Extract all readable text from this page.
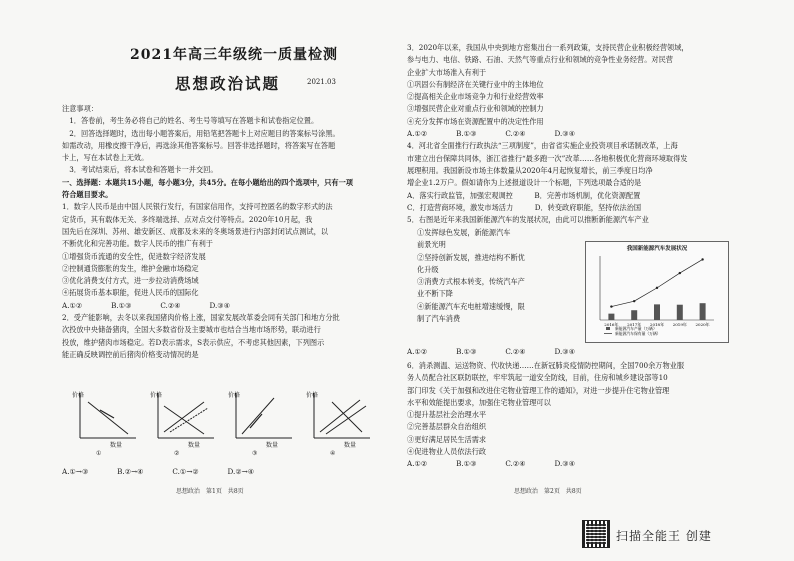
2021年高三年级统一质量检测
思想政治试题	2021.03
注意事项：
　1．答卷前，考生务必将自己的姓名、考生号等填写在答题卡和试卷指定位置。
　2．回答选择题时，选出每小题答案后，用铅笔把答题卡上对应题目的答案标号涂黑。
如需改动，用橡皮擦干净后，再选涂其他答案标号。回答非选择题时，将答案写在答题
卡上，写在本试卷上无效。
　3．考试结束后，将本试卷和答题卡一并交回。
一、选择题：本题共15小题，每小题3分，共45分。在每小题给出的四个选项中，只有一项
符合题目要求。
1．数字人民币是由中国人民银行发行，有国家信用作，支持可控匿名的数字形式的法
定货币，其有载体无关、多终端选择、点对点交付等特点。2020年10月起，我
国先后在深圳、苏州、雄安新区、成都及未来的冬奥场景进行内部封闭试点测试，以
不断优化和完善功能。数字人民币的推广有利于
①增强货币流通的安全性，促进数字经济发展
②控制通货膨胀的发生，维护金融市场稳定
③优化消费支付方式，进一步拉动消费场域
④拓展货币基本职能，促进人民币的国际化
A.①②　　　　B.①③　　　　C.②④　　　　D.③④
2．受产能影响，去冬以来我国猪肉价格上涨，国家发展改革委会同有关部门和地方分批
次投放中央储备猪肉，全国大多数省份及主要城市也结合当地市场形势，联动进行
投放，维护猪肉市场稳定。若D表示需求，S表示供应，不考虑其他因素，下列图示
能正确反映调控前后猪肉价格变动情况的是
价格
数量
①
价格
数量
②
价格
数量
③
价格
数量
④
A.①→③　　　　B.②→④　　　　C.①→②　　　　D.②→④
思想政治　第1页　共8页
3．2020年以来，我国从中央到地方密集出台一系列政策，支持民营企业积极经营领域，
参与电力、电信、铁路、石油、天然气等重点行业和领域的竞争性业务经营。对民营
企业扩大市场准入有利于
①巩固公有制经济在关键行业中的主体地位
②提高相关企业市场竞争力和行业经营效率
③增强民营企业对重点行业和领域的控制力
④充分发挥市场在资源配置中的决定性作用
A.①②　　　　B.①③　　　　C.②④　　　　D.③④
4．河北省全面推行行政执法“三项制度”，由省省实施企业投资项目承诺制改革，上海
市建立出台保障共同体，浙江省推行“最多跑一次”改革……各地积极优化营商环境取得发
展理积用。我国新设市场主体数量从2020年4月起恢复增长，前三季度日均净
增企业1.2万户。假如请你为上述报道设计一个标题，下列选项最合适的是
A．落实行政监管，加强宏观调控　　　B．完善市场机制，优化资源配置
C．打造营商环境，激发市场活力　　　D．转变政府职能，坚持依法治国
5．右图是近年来我国新能源汽车的发展状况，由此可以推断新能源汽车产业
①发挥绿色发展，新能源汽车
前景光明
②坚持创新发展，推进结构不断优
化升级
③消费方式根本转变，传统汽车产
业不断下降
④新能源汽车充电桩增速缓慢，限
制了汽车消费
我国新能源汽车发展状况
2016年 2017年 2018年 2019年 2020年
新能源汽车产量（万辆）
新能源汽车保有量（万辆）
A.①②　　　　B.①③　　　　C.②④　　　　D.③④
6．消杀测温、运送物资、代收快递……在新冠肺炎疫情防控期间，全国700余万物业服
务人员配合社区联防联控，牢牢筑起一道安全防线，目前，住房和城乡建设部等10
部门印发《关于加强和改进住宅物业管理工作的通知》，对进一步提升住宅物业管理
水平和效能提出要求，加强住宅物业管理可以
①提升基层社会治理水平
②完善基层群众自治组织
③更好满足居民生活需求
④促进物业人员依法行政
A.①②　　　　B.①③　　　　C.②④　　　　D.③④
思想政治　第2页　共8页
扫描全能王 创建
